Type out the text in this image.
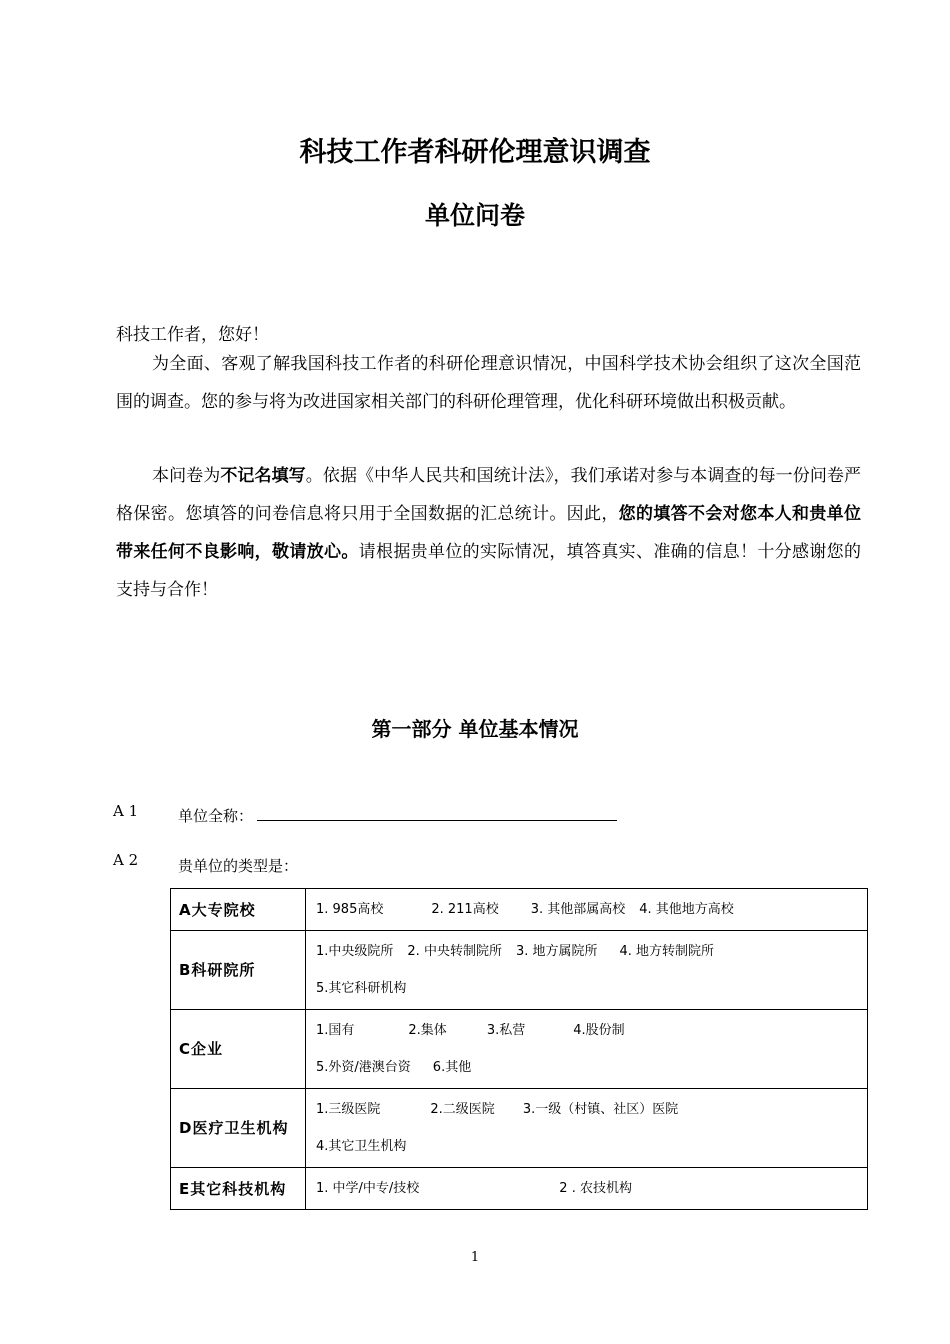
科技工作者科研伦理意识调查
单位问卷
科技工作者，您好！
为全面、客观了解我国科技工作者的科研伦理意识情况，中国科学技术协会组织了这次全国范围的调查。您的参与将为改进国家相关部门的科研伦理管理，优化科研环境做出积极贡献。
本问卷为不记名填写。依据《中华人民共和国统计法》，我们承诺对参与本调查的每一份问卷严格保密。您填答的问卷信息将只用于全国数据的汇总统计。因此，您的填答不会对您本人和贵单位带来任何不良影响，敬请放心。请根据贵单位的实际情况，填答真实、准确的信息！十分感谢您的支持与合作！
第一部分 单位基本情况
A 1	单位全称：
A 2	贵单位的类型是：
A大专院校	1. 985高校 2. 211高校 3. 其他部属高校 4. 其他地方高校

B科研院所	1.中央级院所 2. 中央转制院所 3. 地方属院所 4. 地方转制院所
5.其它科研机构

C企业	1.国有 2.集体 3.私营 4.股份制
5.外资/港澳台资 6.其他

D医疗卫生机构	1.三级医院 2.二级医院 3.一级（村镇、社区）医院
4.其它卫生机构

E其它科技机构	1. 中学/中专/技校 2 . 农技机构
1
